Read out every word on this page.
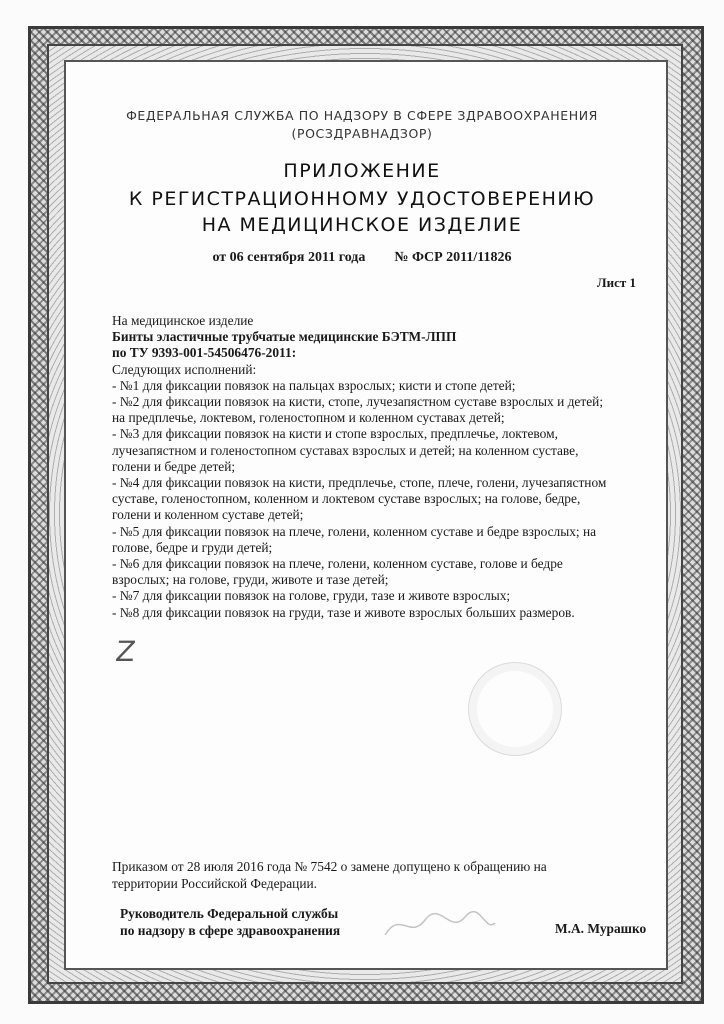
ФЕДЕРАЛЬНАЯ СЛУЖБА ПО НАДЗОРУ В СФЕРЕ ЗДРАВООХРАНЕНИЯ
(РОСЗДРАВНАДЗОР)
ПРИЛОЖЕНИЕ
К РЕГИСТРАЦИОННОМУ УДОСТОВЕРЕНИЮ
НА МЕДИЦИНСКОЕ ИЗДЕЛИЕ
от 06 сентября 2011 года № ФСР 2011/11826
Лист 1
На медицинское изделие
Бинты эластичные трубчатые медицинские БЭТМ-ЛПП
по ТУ 9393-001-54506476-2011:
Следующих исполнений:
- №1 для фиксации повязок на пальцах взрослых; кисти и стопе детей;
- №2 для фиксации повязок на кисти, стопе, лучезапястном суставе взрослых и детей;
на предплечье, локтевом, голеностопном и коленном суставах детей;
- №3 для фиксации повязок на кисти и стопе взрослых, предплечье, локтевом,
лучезапястном и голеностопном суставах взрослых и детей; на коленном суставе,
голени и бедре детей;
- №4 для фиксации повязок на кисти, предплечье, стопе, плече, голени, лучезапястном
суставе, голеностопном, коленном и локтевом суставе взрослых; на голове, бедре,
голени и коленном суставе детей;
- №5 для фиксации повязок на плече, голени, коленном суставе и бедре взрослых; на
голове, бедре и груди детей;
- №6 для фиксации повязок на плече, голени, коленном суставе, голове и бедре
взрослых; на голове, груди, животе и тазе детей;
- №7 для фиксации повязок на голове, груди, тазе и животе взрослых;
- №8 для фиксации повязок на груди, тазе и животе взрослых больших размеров.
Z
Приказом от 28 июля 2016 года № 7542 о замене допущено к обращению на
территории Российской Федерации.
Руководитель Федеральной службы
по надзору в сфере здравоохранения	М.А. Мурашко
